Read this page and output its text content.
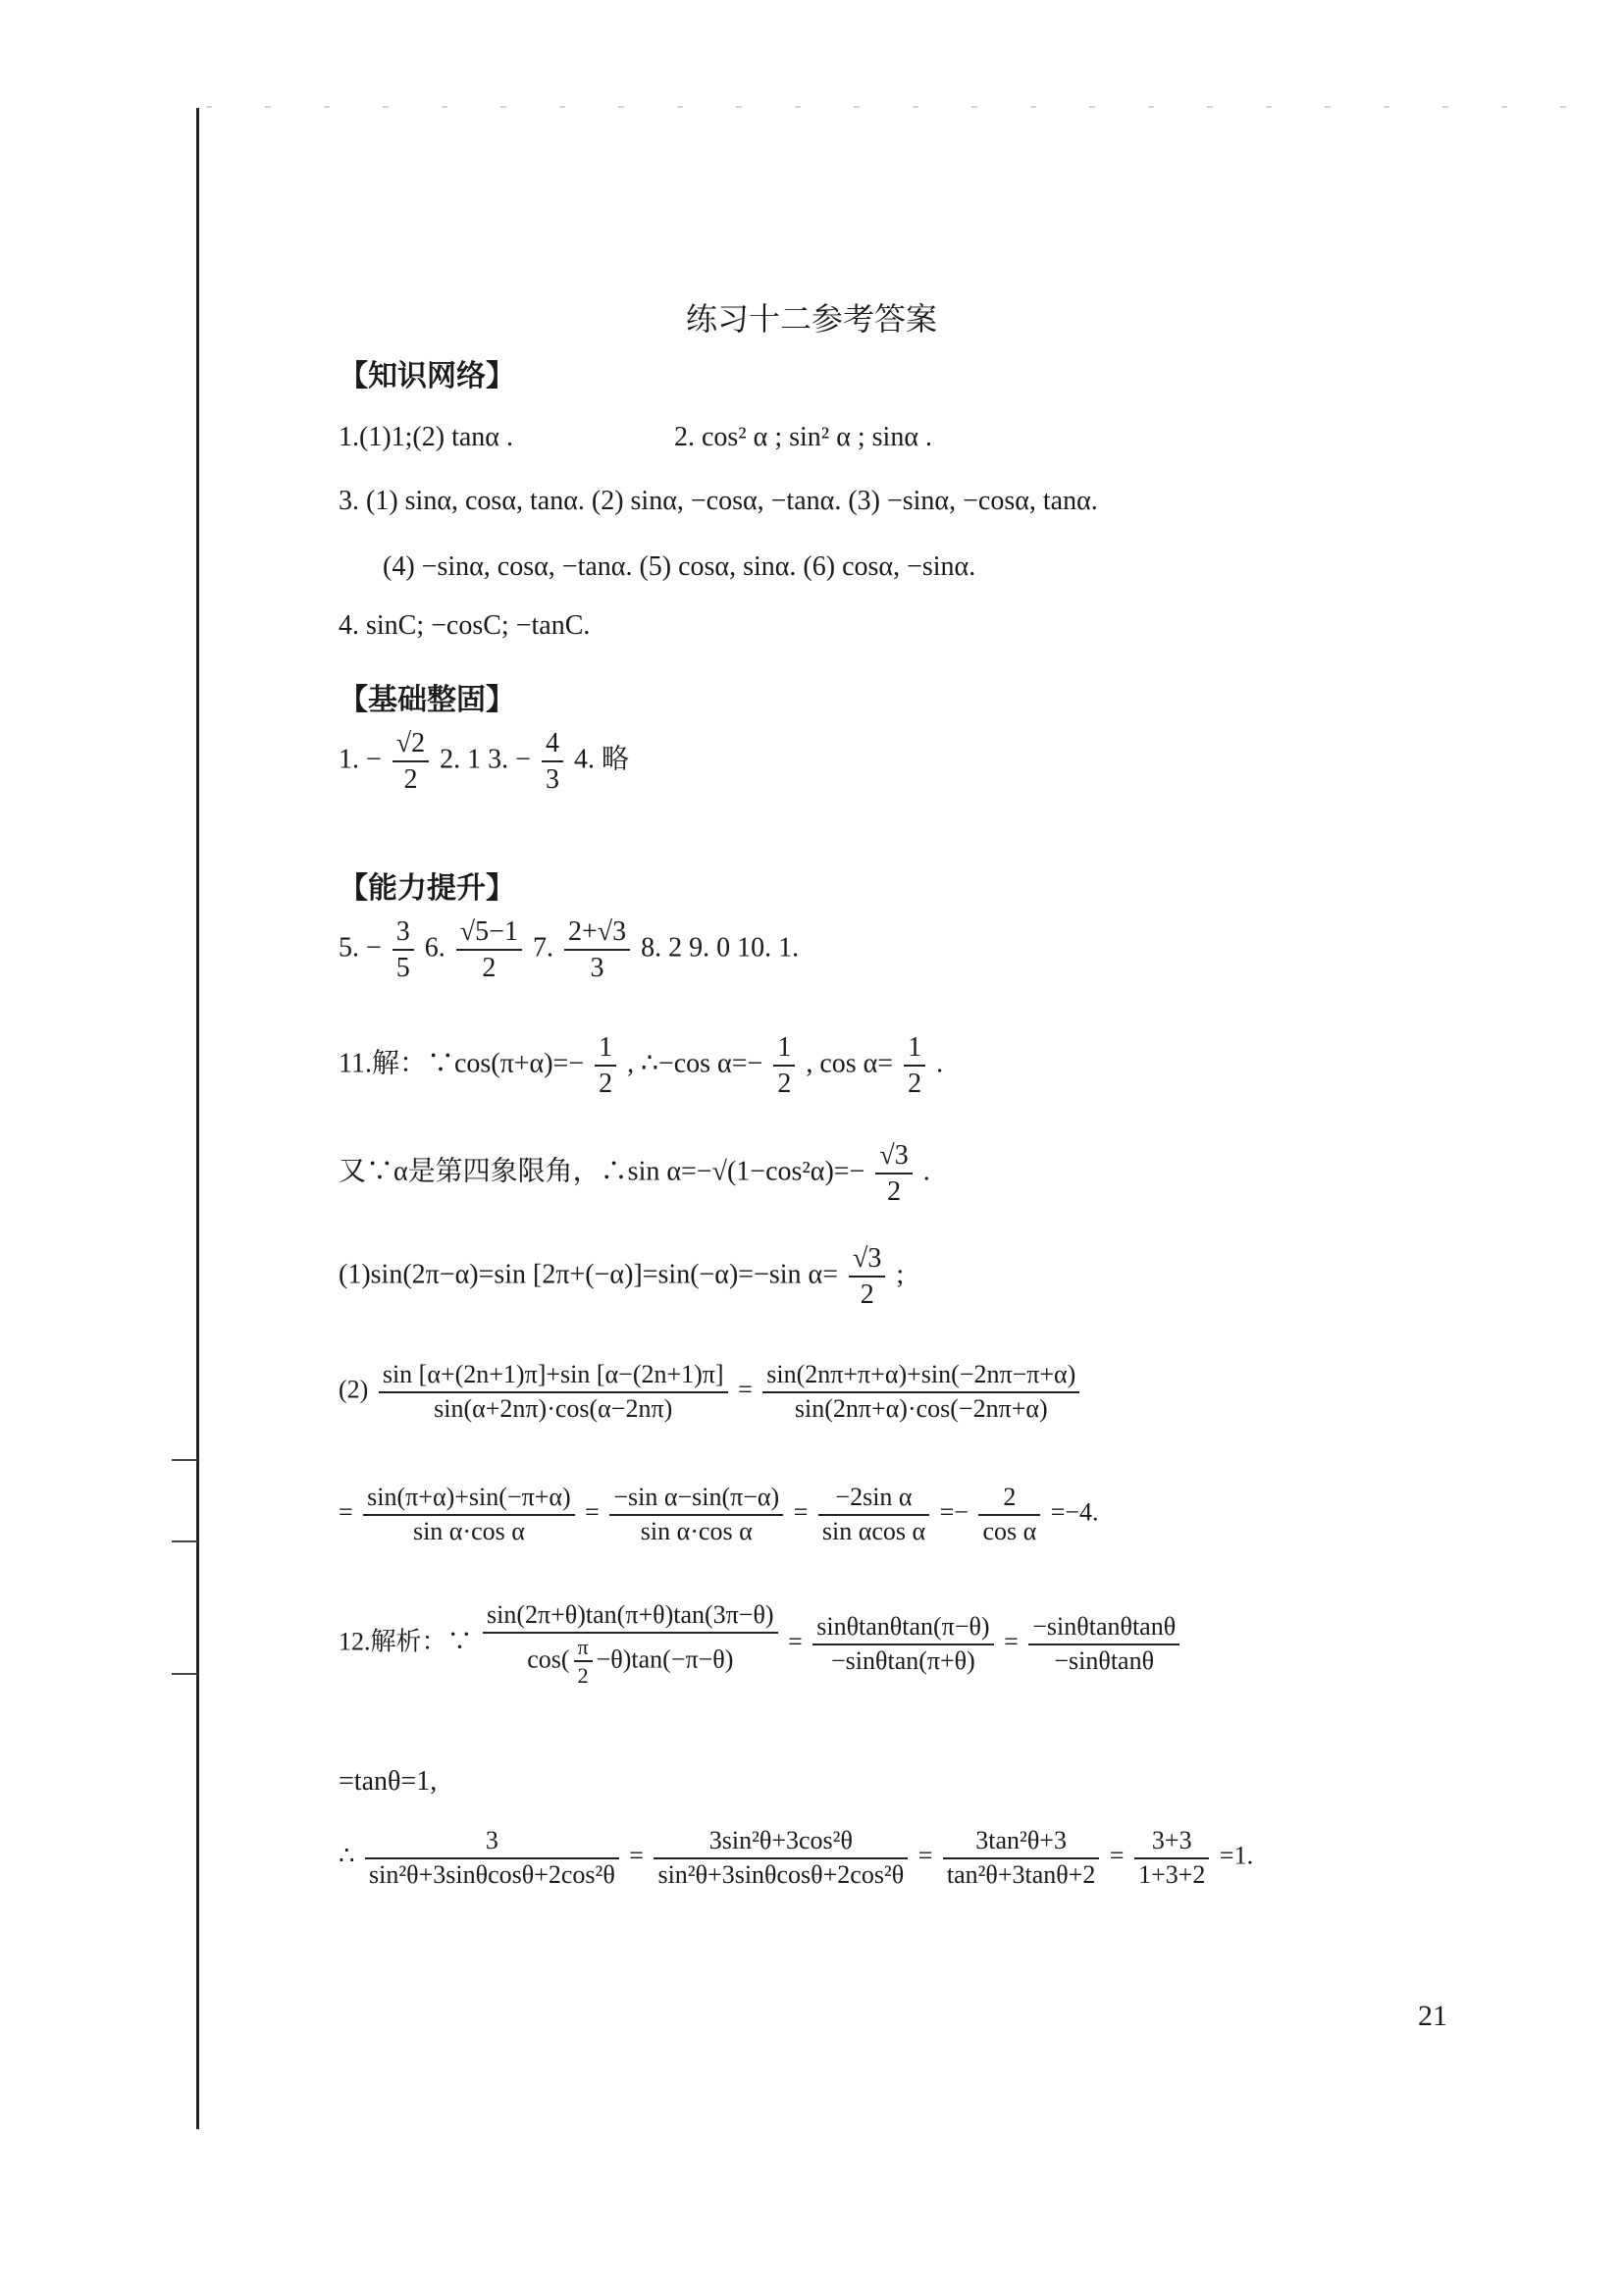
练习十二参考答案
【知识网络】
1.(1)1;(2) tanα .	2. cos² α ; sin² α ; sinα .
3. (1) sinα, cosα, tanα. (2) sinα, −cosα, −tanα. (3) −sinα, −cosα, tanα.
(4) −sinα, cosα, −tanα. (5) cosα, sinα. (6) cosα, −sinα.
4. sinC; −cosC; −tanC.
【基础整固】
1. − $\frac{√2}{2} 2$. 1 3. − $\frac{4}{3} 4$. 略
【能力提升】
5. − $\frac{3}{5} 6$. $\frac{√5-1}{2} 7$. $\frac{2+√3}{3} 8$. 2 9. 0 10. 1.
11.解：∵cos(π+α)=− $\frac{1}{2}$ , ∴−cos $\alpha=- \frac{1}{2}$ , $\cos \alpha= \frac{1}{2}$ .
又∵α是第四象限角，∴sin $\alpha=-√(1-\cos^2\alpha)=- \frac{√3}{2}$ .
(1)sin(2π−α)=sin [2π+(−α)]=sin(−α)=−sin $\alpha= \frac{√3}{2}$ ;
$(2) \frac{\sin [\alpha+(2n+1)\pi]+\sin [\alpha-(2n+1)\pi]}{\sin(\alpha+2n\pi)\cdot\cos(\alpha-2n\pi)} = \frac{\sin(2n\pi+\pi+\alpha)+\sin(-2n\pi-\pi+\alpha)}{\sin(2n\pi+\alpha)\cdot\cos(-2n\pi+\alpha)}$
= $\frac{\sin(\pi+\alpha)+\sin(-\pi+\alpha)}{\text{sin α·cos α}} = \frac{\text{−sin α−sin(π−α)}}{\text{sin α·cos α}} = \frac{\text{−2sin α}}{\text{sin αcos α}} =- \frac{2}{\text{cos α}} =-4$.
12.解析：∵ $\frac{\sin(2\pi+\theta)\tan(\pi+\theta)\tan(3\pi-\theta)}{\cos( \frac{\pi}{2} -\theta)\tan(-\pi-\theta)} = \frac{\sin\theta\tan\theta\tan(\pi-\theta)}{-\sin\theta\tan(\pi+\theta)} = \frac{-\sin\theta\tan\theta\tan\theta}{-\sin\theta\tan\theta}$
=tanθ=1,
∴ $\frac{3}{\text{sin²θ+3sinθcosθ+2cos²θ}} = \frac{\text{3sin²θ+3cos²θ}}{\text{sin²θ+3sinθcosθ+2cos²θ}} = \frac{\text{3tan²θ+3}}{\text{tan²θ+3tanθ+2}} = \frac{3+3}{1+3+2} =1$.
21
